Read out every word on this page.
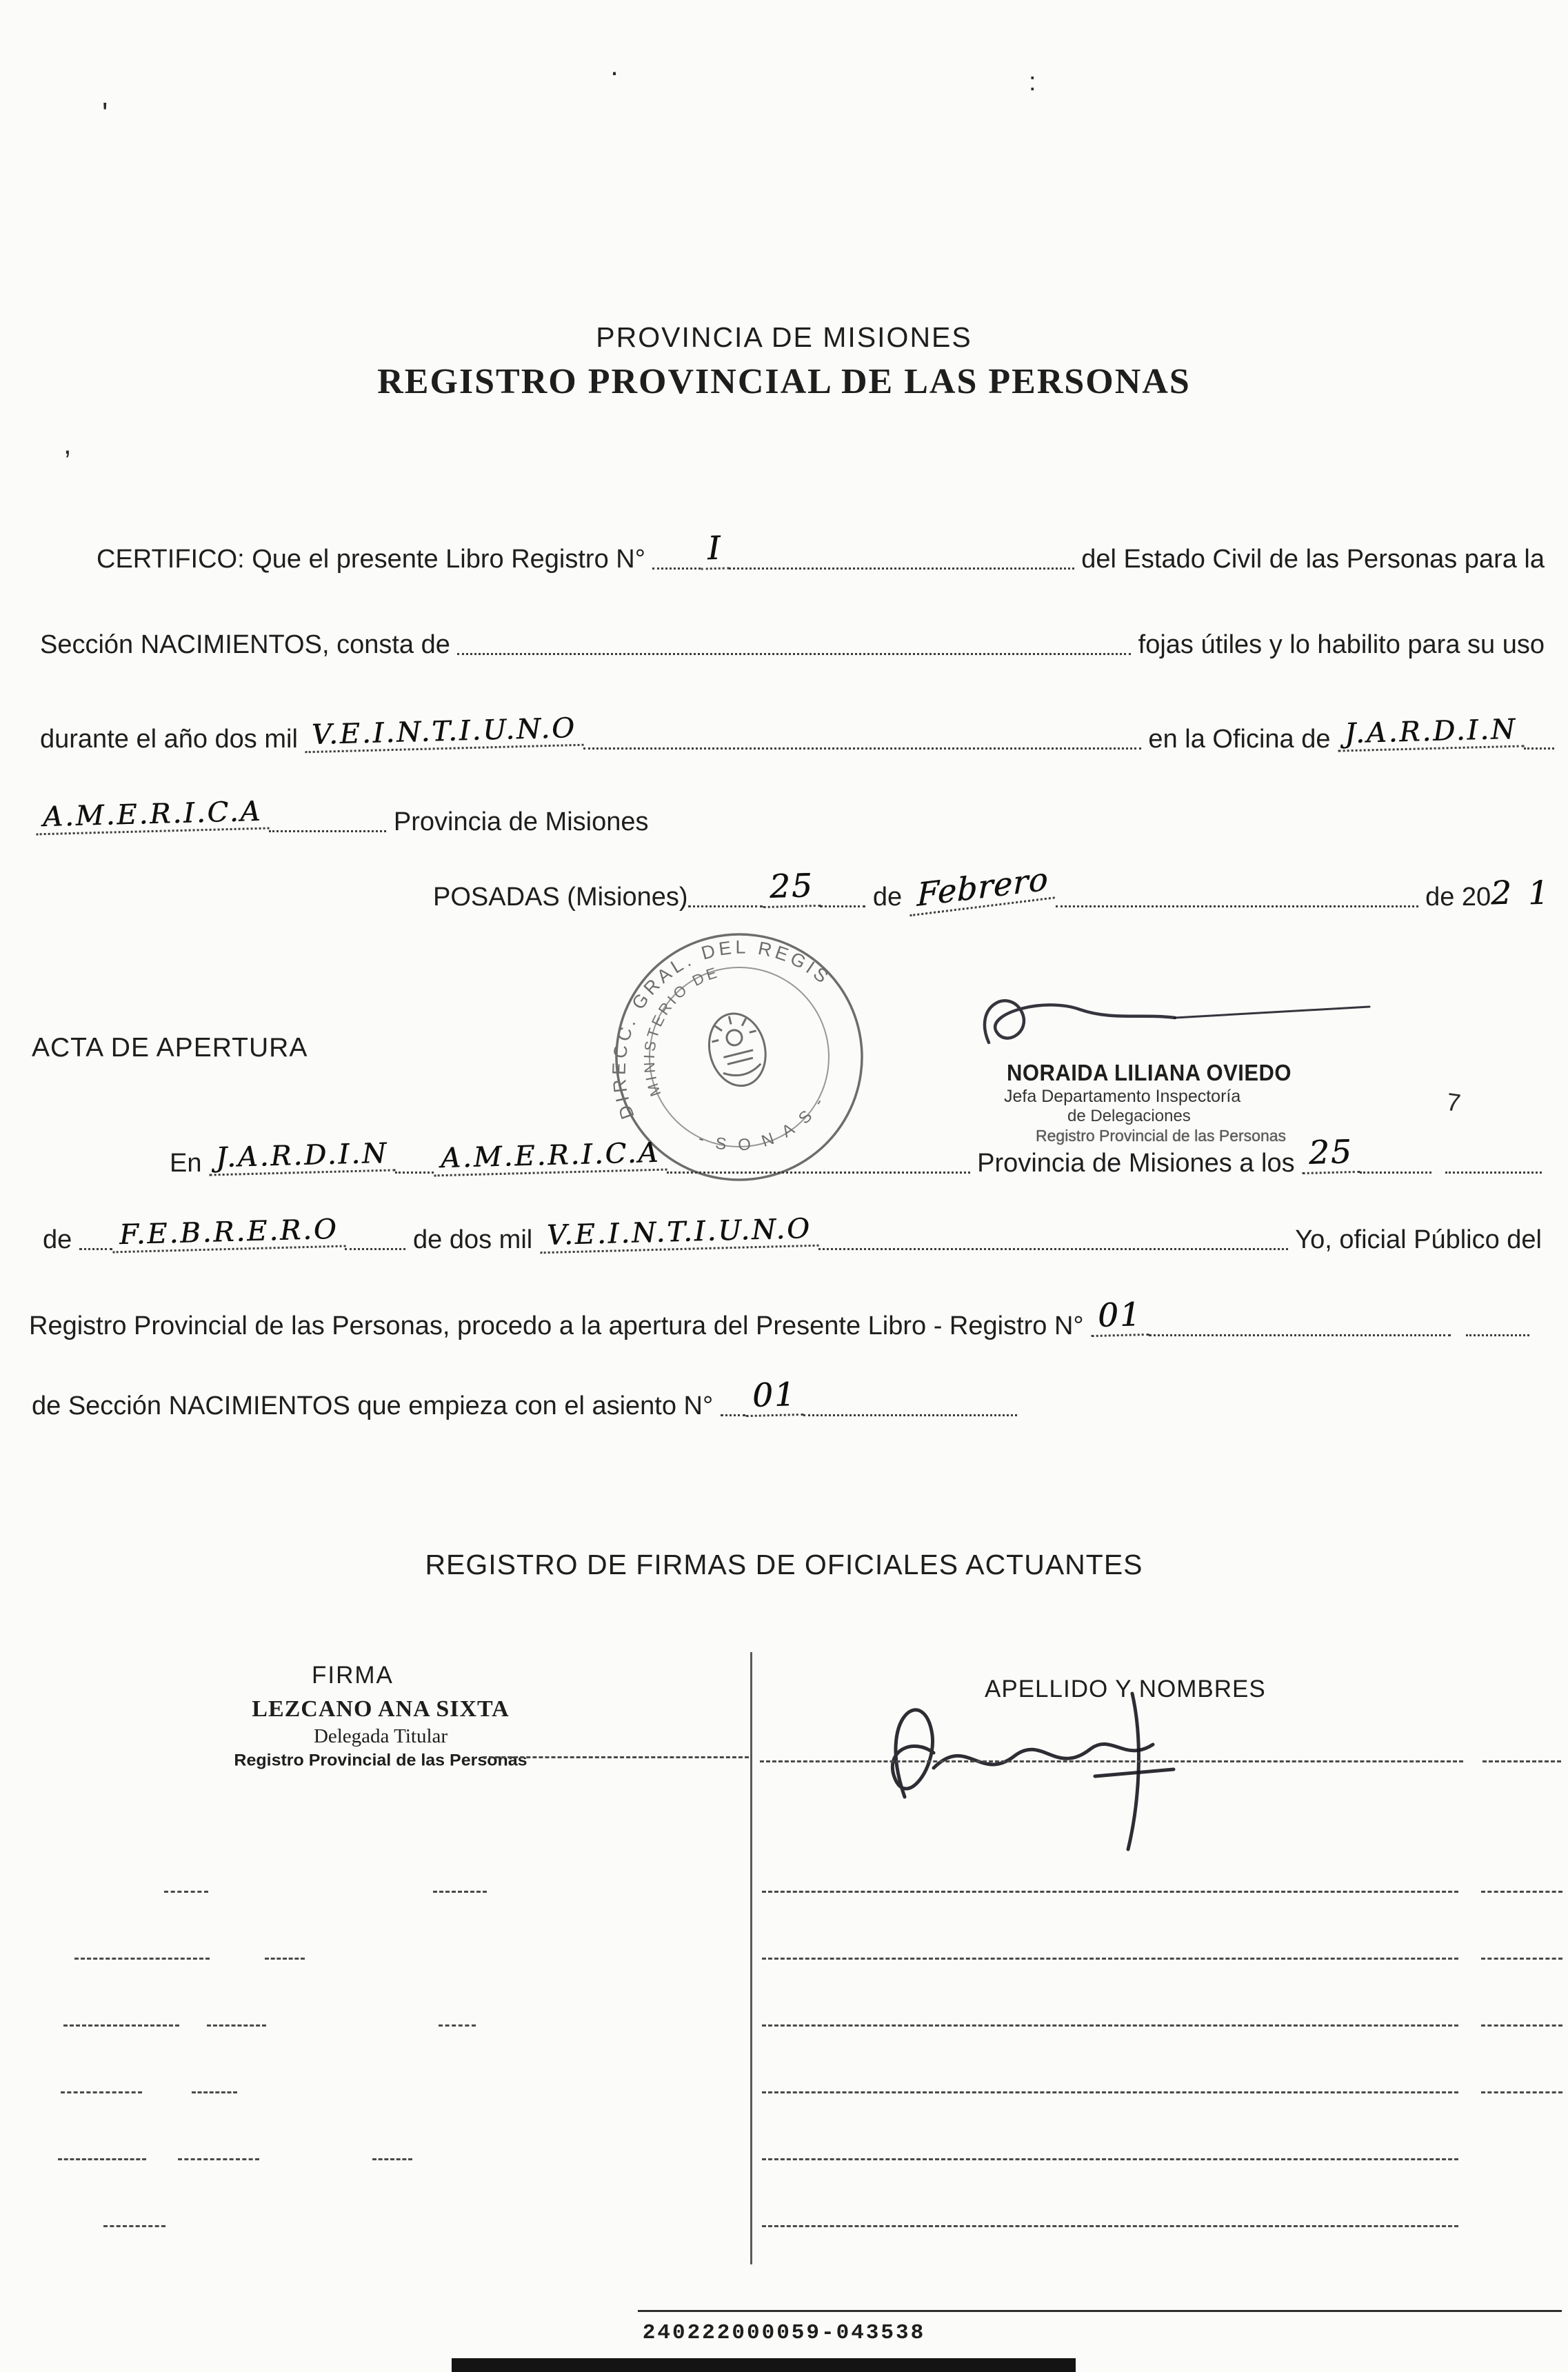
'
·	:
7
,
PROVINCIA DE MISIONES
REGISTRO PROVINCIAL DE LAS PERSONAS
CERTIFICO: Que el presente Libro Registro N° I	del Estado Civil de las Personas para la
Sección NACIMIENTOS, consta de	fojas útiles y lo habilito para su uso
durante el año dos mil V.E.I.N.T.I.U.N.O	en la Oficina de J.A.R.D.I.N
A.M.E.R.I.C.A	Provincia de Misiones
POSADAS (Misiones) 25 de Febrero	de 20 2 1
ACTA DE APERTURA
DIRECC. GRAL. DEL REGIS
MINISTERIO DE
- S O N A S -
NORAIDA LILIANA OVIEDO
Jefa Departamento Inspectoría
de Delegaciones
Registro Provincial de las Personas
En J.A.R.D.I.N A.M.E.R.I.C.A	Provincia de Misiones a los 25
de F.E.B.R.E.R.O	de dos mil V.E.I.N.T.I.U.N.O	Yo, oficial Público del
Registro Provincial de las Personas, procedo a la apertura del Presente Libro - Registro N° 01
de Sección NACIMIENTOS que empieza con el asiento N° 01
REGISTRO DE FIRMAS DE OFICIALES ACTUANTES
FIRMA
APELLIDO Y NOMBRES
LEZCANO ANA SIXTA
Delegada Titular
Registro Provincial de las Personas
240222000059-043538
